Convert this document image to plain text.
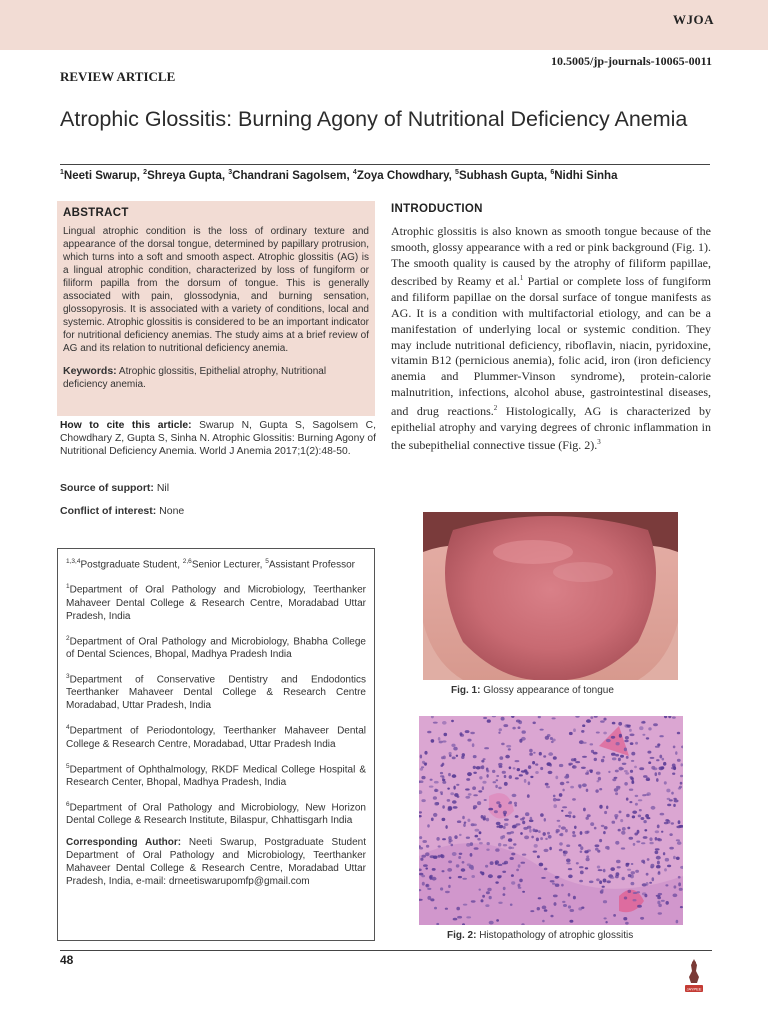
WJOA
10.5005/jp-journals-10065-0011
REVIEW ARTICLE
Atrophic Glossitis: Burning Agony of Nutritional Deficiency Anemia
$^1$Neeti Swarup, $^2$Shreya Gupta, $^3$Chandrani Sagolsem, $^4$Zoya Chowdhary, $^5$Subhash Gupta, $^6$Nidhi Sinha
ABSTRACT
Lingual atrophic condition is the loss of ordinary texture and appearance of the dorsal tongue, determined by papillary protrusion, which turns into a soft and smooth aspect. Atrophic glossitis (AG) is a lingual atrophic condition, characterized by loss of fungiform or filiform papilla from the dorsum of tongue. This is generally associated with pain, glossodynia, and burning sensation, glossopyrosis. It is associated with a variety of conditions, local and systemic. Atrophic glossitis is considered to be an important indicator for nutritional deficiency anemias. The study aims at a brief review of AG and its relation to nutritional deficiency anemia.
Keywords: Atrophic glossitis, Epithelial atrophy, Nutritional deficiency anemia.
How to cite this article: Swarup N, Gupta S, Sagolsem C, Chowdhary Z, Gupta S, Sinha N. Atrophic Glossitis: Burning Agony of Nutritional Deficiency Anemia. World J Anemia 2017;1(2):48-50.
Source of support: Nil
Conflict of interest: None
$^{1,3,4}$Postgraduate Student, $^{2,6}$Senior Lecturer, $^5$Assistant Professor
$^1$Department of Oral Pathology and Microbiology, Teerthanker Mahaveer Dental College & Research Centre, Moradabad Uttar Pradesh, India
$^2$Department of Oral Pathology and Microbiology, Bhabha College of Dental Sciences, Bhopal, Madhya Pradesh India
$^3$Department of Conservative Dentistry and Endodontics Teerthanker Mahaveer Dental College & Research Centre Moradabad, Uttar Pradesh, India
$^4$Department of Periodontology, Teerthanker Mahaveer Dental College & Research Centre, Moradabad, Uttar Pradesh India
$^5$Department of Ophthalmology, RKDF Medical College Hospital & Research Center, Bhopal, Madhya Pradesh, India
$^6$Department of Oral Pathology and Microbiology, New Horizon Dental College & Research Institute, Bilaspur, Chhattisgarh India
Corresponding Author: Neeti Swarup, Postgraduate Student Department of Oral Pathology and Microbiology, Teerthanker Mahaveer Dental College & Research Centre, Moradabad Uttar Pradesh, India, e-mail: drneetiswarupomfp@gmail.com
INTRODUCTION
Atrophic glossitis is also known as smooth tongue because of the smooth, glossy appearance with a red or pink background (Fig. 1). The smooth quality is caused by the atrophy of filiform papillae, described by Reamy et al.$^1$ Partial or complete loss of fungiform and filiform papillae on the dorsal surface of tongue manifests as AG. It is a condition with multifactorial etiology, and can be a manifestation of underlying local or systemic condition. They may include nutritional deficiency, riboflavin, niacin, pyridoxine, vitamin B12 (pernicious anemia), folic acid, iron (iron deficiency anemia and Plummer-Vinson syndrome), protein-calorie malnutrition, infections, alcohol abuse, gastrointestinal diseases, and drug reactions.$^2$ Histologically, AG is characterized by epithelial atrophy and varying degrees of chronic inflammation in the subepithelial connective tissue (Fig. 2).$^3$
Fig. 1: Glossy appearance of tongue
Fig. 2: Histopathology of atrophic glossitis
48
JAYPEE
